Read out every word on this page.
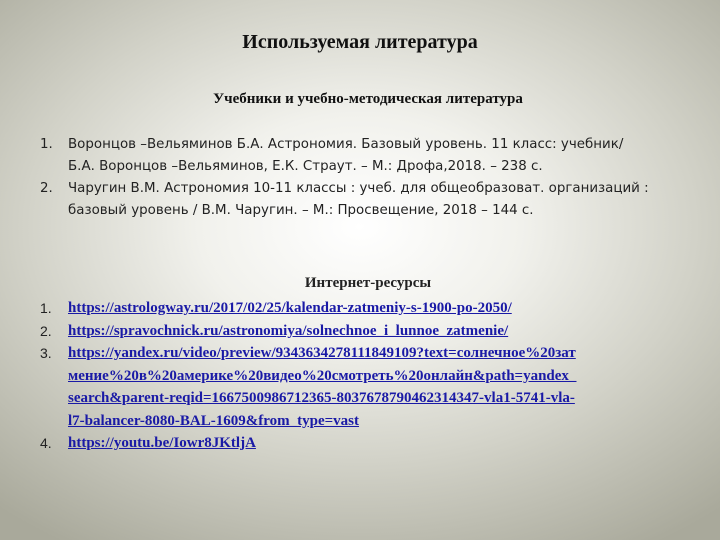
Используемая литература
Учебники и учебно-методическая литература
1. Воронцов –Вельяминов Б.А. Астрономия. Базовый уровень. 11 класс: учебник/
Б.А. Воронцов –Вельяминов, Е.К. Страут. – М.: Дрофа,2018. – 238 с.
2. Чаругин В.М. Астрономия 10-11 классы : учеб. для общеобразоват. организаций :
базовый уровень / В.М. Чаругин. – М.: Просвещение, 2018 – 144 с.
Интернет-ресурсы
1. https://astrologway.ru/2017/02/25/kalendar-zatmeniy-s-1900-po-2050/
2. https://spravochnick.ru/astronomiya/solnechnoe_i_lunnoe_zatmenie/
3. https://yandex.ru/video/preview/9343634278111849109?text=солнечное%20зат
мение%20в%20америке%20видео%20смотреть%20онлайн&path=yandex_
search&parent-reqid=1667500986712365-8037678790462314347-vla1-5741-vla-
l7-balancer-8080-BAL-1609&from_type=vast
4. https://youtu.be/Iowr8JKtljA
